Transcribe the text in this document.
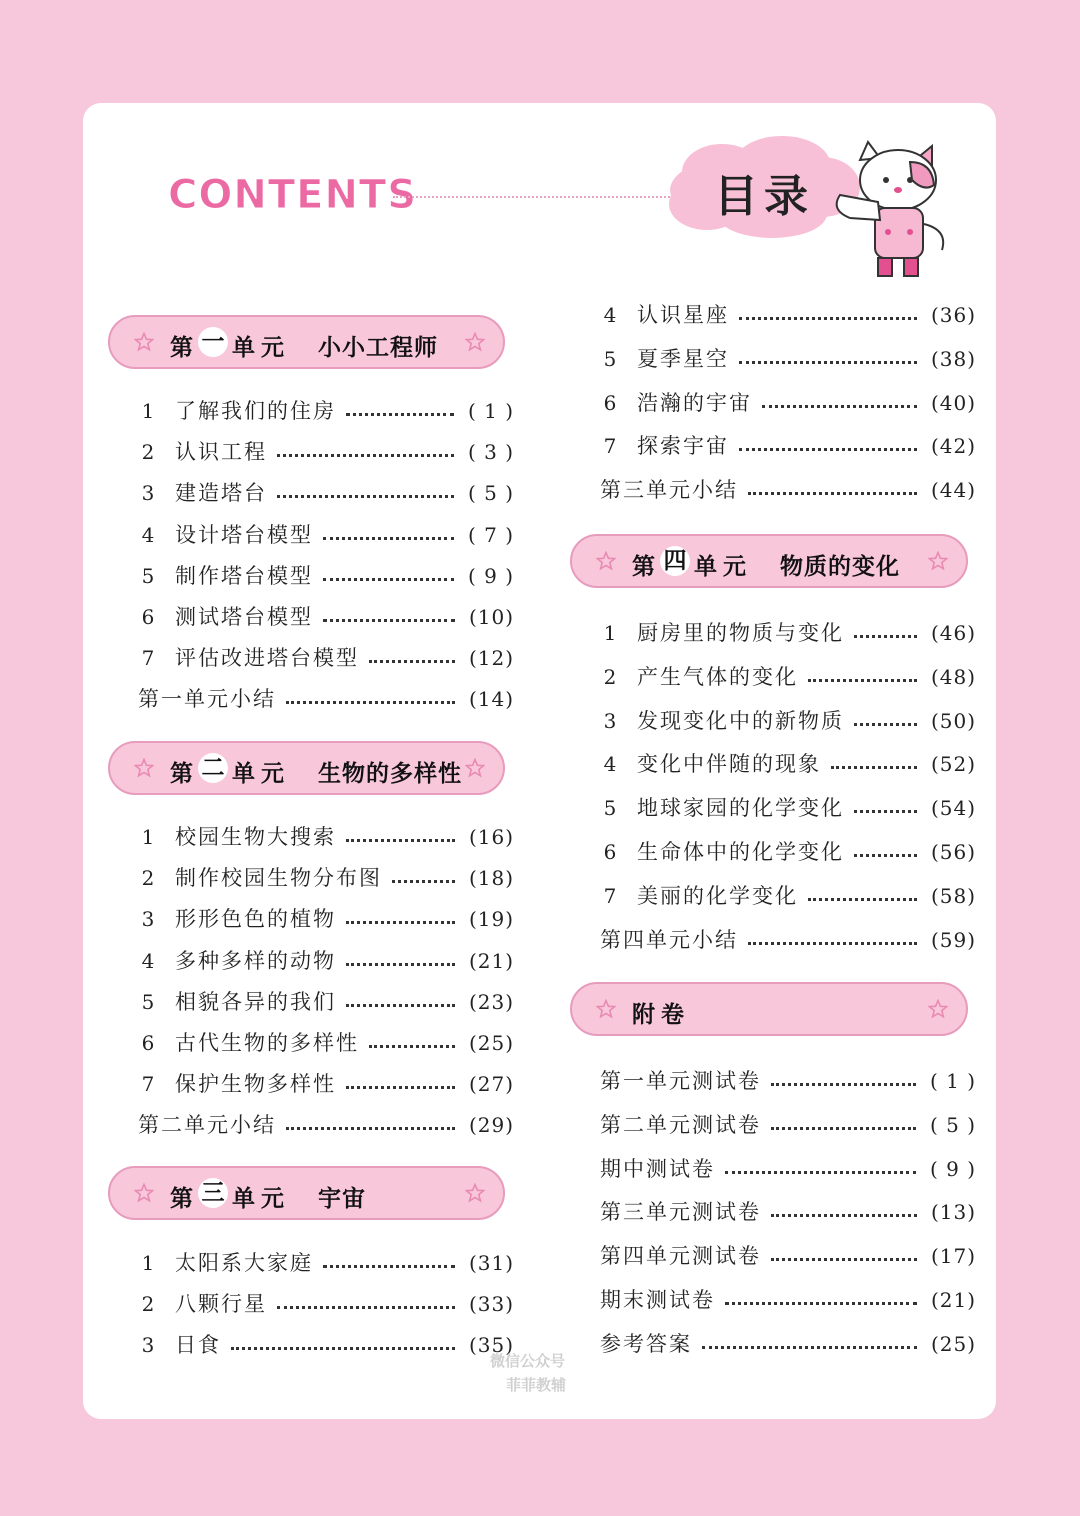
CONTENTS	目录
第 一 单元 小小工程师
1 了解我们的住房	( 1 )
2 认识工程	( 3 )
3 建造塔台	( 5 )
4 设计塔台模型	( 7 )
5 制作塔台模型	( 9 )
6 测试塔台模型	(10)
7 评估改进塔台模型	(12)
第一单元小结	(14)
第 二 单元 生物的多样性
1 校园生物大搜索	(16)
2 制作校园生物分布图	(18)
3 形形色色的植物	(19)
4 多种多样的动物	(21)
5 相貌各异的我们	(23)
6 古代生物的多样性	(25)
7 保护生物多样性	(27)
第二单元小结	(29)
第 三 单元 宇宙
1 太阳系大家庭	(31)
2 八颗行星	(33)
3 日食	(35)
4 认识星座	(36)
5 夏季星空	(38)
6 浩瀚的宇宙	(40)
7 探索宇宙	(42)
第三单元小结	(44)
第 四 单元 物质的变化
1 厨房里的物质与变化	(46)
2 产生气体的变化	(48)
3 发现变化中的新物质	(50)
4 变化中伴随的现象	(52)
5 地球家园的化学变化	(54)
6 生命体中的化学变化	(56)
7 美丽的化学变化	(58)
第四单元小结	(59)
附卷
第一单元测试卷	( 1 )
第二单元测试卷	( 5 )
期中测试卷	( 9 )
第三单元测试卷	(13)
第四单元测试卷	(17)
期末测试卷	(21)
参考答案	(25)
微信公众号
菲菲教辅
